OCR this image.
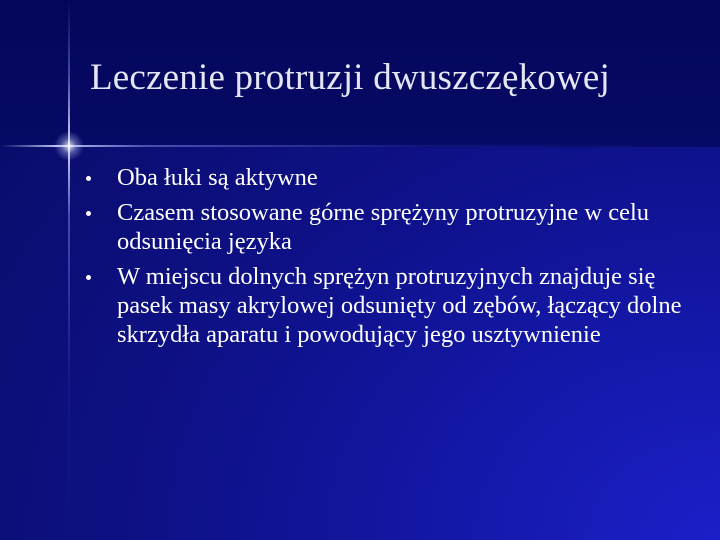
Leczenie protruzji dwuszczękowej
Oba łuki są aktywne
Czasem stosowane górne sprężyny protruzyjne w celu odsunięcia języka
W miejscu dolnych sprężyn protruzyjnych znajduje się pasek masy akrylowej odsunięty od zębów, łączący dolne skrzydła aparatu i powodujący jego usztywnienie
